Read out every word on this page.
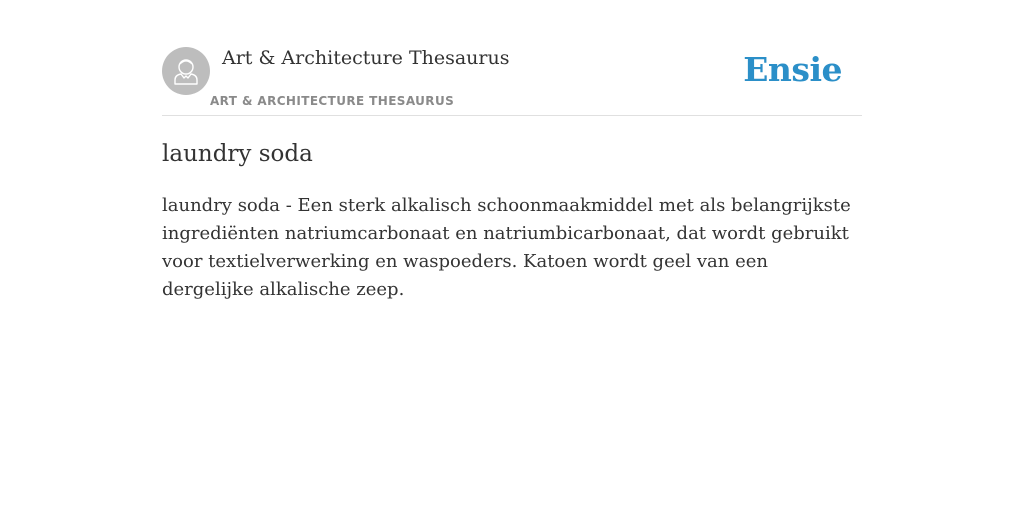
Art & Architecture Thesaurus
ART & ARCHITECTURE THESAURUS
Ensie
laundry soda

laundry soda - Een sterk alkalisch schoonmaakmiddel met als belangrijkste ingrediënten natriumcarbonaat en natriumbicarbonaat, dat wordt gebruikt voor textielverwerking en waspoeders. Katoen wordt geel van een dergelijke alkalische zeep.
